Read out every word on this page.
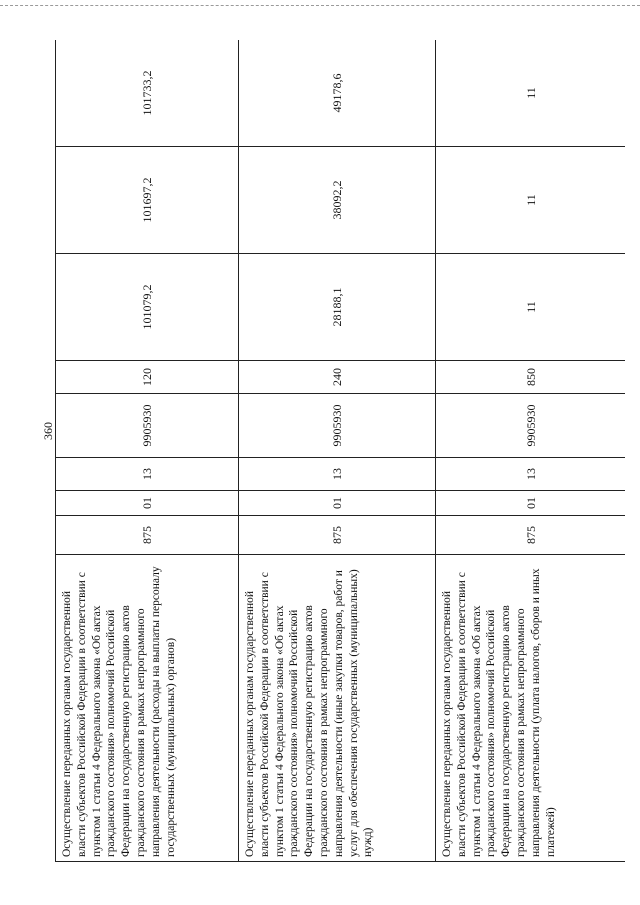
360
Осуществление переданных органам государственной власти субъектов Российской Федерации в соответствии с пунктом 1 статьи 4 Федерального закона «Об актах гражданского состояния» полномочий Российской Федерации на государственную регистрацию актов гражданского состояния в рамках непрограммного направления деятельности (расходы на выплаты персоналу государственных (муниципальных) органов)	875	01	13	9905930	120	101079,2	101697,2	101733,2
Осуществление переданных органам государственной власти субъектов Российской Федерации в соответствии с пунктом 1 статьи 4 Федерального закона «Об актах гражданского состояния» полномочий Российской Федерации на государственную регистрацию актов гражданского состояния в рамках непрограммного направления деятельности (иные закупки товаров, работ и услуг для обеспечения государственных (муниципальных) нужд)	875	01	13	9905930	240	28188,1	38092,2	49178,6
Осуществление переданных органам государственной власти субъектов Российской Федерации в соответствии с пунктом 1 статьи 4 Федерального закона «Об актах гражданского состояния» полномочий Российской Федерации на государственную регистрацию актов гражданского состояния в рамках непрограммного направления деятельности (уплата налогов, сборов и иных платежей)	875	01	13	9905930	850	11	11	11
